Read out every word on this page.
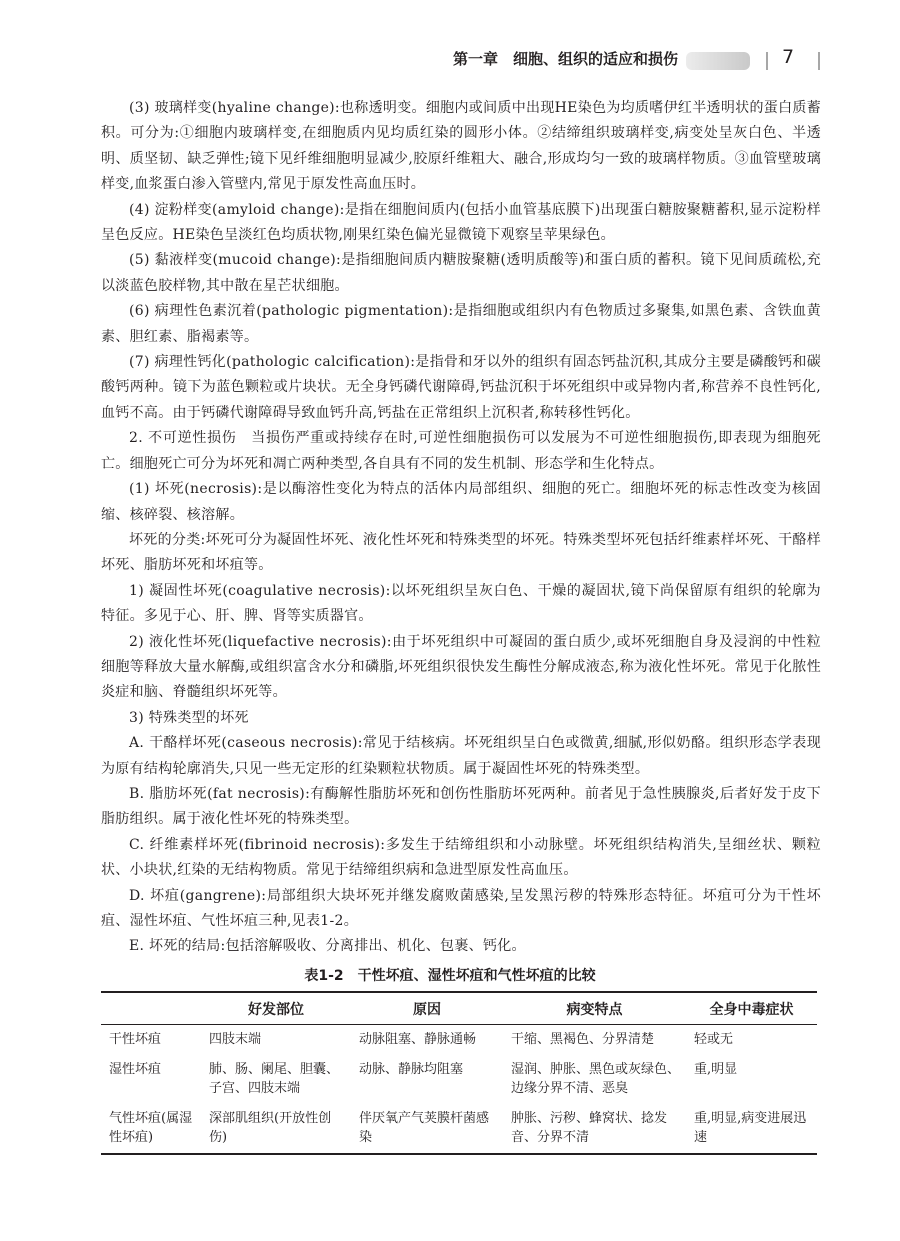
第一章　细胞、组织的适应和损伤	7

(3) 玻璃样变(hyaline change):也称透明变。细胞内或间质中出现HE染色为均质嗜伊红半透明状的蛋白质蓄积。可分为:①细胞内玻璃样变,在细胞质内见均质红染的圆形小体。②结缔组织玻璃样变,病变处呈灰白色、半透明、质坚韧、缺乏弹性;镜下见纤维细胞明显减少,胶原纤维粗大、融合,形成均匀一致的玻璃样物质。③血管壁玻璃样变,血浆蛋白渗入管壁内,常见于原发性高血压时。

(4) 淀粉样变(amyloid change):是指在细胞间质内(包括小血管基底膜下)出现蛋白糖胺聚糖蓄积,显示淀粉样呈色反应。HE染色呈淡红色均质状物,刚果红染色偏光显微镜下观察呈苹果绿色。

(5) 黏液样变(mucoid change):是指细胞间质内糖胺聚糖(透明质酸等)和蛋白质的蓄积。镜下见间质疏松,充以淡蓝色胶样物,其中散在星芒状细胞。

(6) 病理性色素沉着(pathologic pigmentation):是指细胞或组织内有色物质过多聚集,如黑色素、含铁血黄素、胆红素、脂褐素等。

(7) 病理性钙化(pathologic calcification):是指骨和牙以外的组织有固态钙盐沉积,其成分主要是磷酸钙和碳酸钙两种。镜下为蓝色颗粒或片块状。无全身钙磷代谢障碍,钙盐沉积于坏死组织中或异物内者,称营养不良性钙化,血钙不高。由于钙磷代谢障碍导致血钙升高,钙盐在正常组织上沉积者,称转移性钙化。

2. 不可逆性损伤　当损伤严重或持续存在时,可逆性细胞损伤可以发展为不可逆性细胞损伤,即表现为细胞死亡。细胞死亡可分为坏死和凋亡两种类型,各自具有不同的发生机制、形态学和生化特点。

(1) 坏死(necrosis):是以酶溶性变化为特点的活体内局部组织、细胞的死亡。细胞坏死的标志性改变为核固缩、核碎裂、核溶解。

坏死的分类:坏死可分为凝固性坏死、液化性坏死和特殊类型的坏死。特殊类型坏死包括纤维素样坏死、干酪样坏死、脂肪坏死和坏疽等。

1) 凝固性坏死(coagulative necrosis):以坏死组织呈灰白色、干燥的凝固状,镜下尚保留原有组织的轮廓为特征。多见于心、肝、脾、肾等实质器官。

2) 液化性坏死(liquefactive necrosis):由于坏死组织中可凝固的蛋白质少,或坏死细胞自身及浸润的中性粒细胞等释放大量水解酶,或组织富含水分和磷脂,坏死组织很快发生酶性分解成液态,称为液化性坏死。常见于化脓性炎症和脑、脊髓组织坏死等。

3) 特殊类型的坏死

A. 干酪样坏死(caseous necrosis):常见于结核病。坏死组织呈白色或微黄,细腻,形似奶酪。组织形态学表现为原有结构轮廓消失,只见一些无定形的红染颗粒状物质。属于凝固性坏死的特殊类型。

B. 脂肪坏死(fat necrosis):有酶解性脂肪坏死和创伤性脂肪坏死两种。前者见于急性胰腺炎,后者好发于皮下脂肪组织。属于液化性坏死的特殊类型。

C. 纤维素样坏死(fibrinoid necrosis):多发生于结缔组织和小动脉壁。坏死组织结构消失,呈细丝状、颗粒状、小块状,红染的无结构物质。常见于结缔组织病和急进型原发性高血压。

D. 坏疽(gangrene):局部组织大块坏死并继发腐败菌感染,呈发黑污秽的特殊形态特征。坏疽可分为干性坏疽、湿性坏疽、气性坏疽三种,见表1-2。

E. 坏死的结局:包括溶解吸收、分离排出、机化、包裹、钙化。

表1-2　干性坏疽、湿性坏疽和气性坏疽的比较
	好发部位	原因	病变特点	全身中毒症状
干性坏疽	四肢末端	动脉阻塞、静脉通畅	干缩、黑褐色、分界清楚	轻或无
湿性坏疽	肺、肠、阑尾、胆囊、子宫、四肢末端	动脉、静脉均阻塞	湿润、肿胀、黑色或灰绿色、边缘分界不清、恶臭	重,明显
气性坏疽(属湿性坏疽)	深部肌组织(开放性创伤)	伴厌氧产气荚膜杆菌感染	肿胀、污秽、蜂窝状、捻发音、分界不清	重,明显,病变进展迅速
